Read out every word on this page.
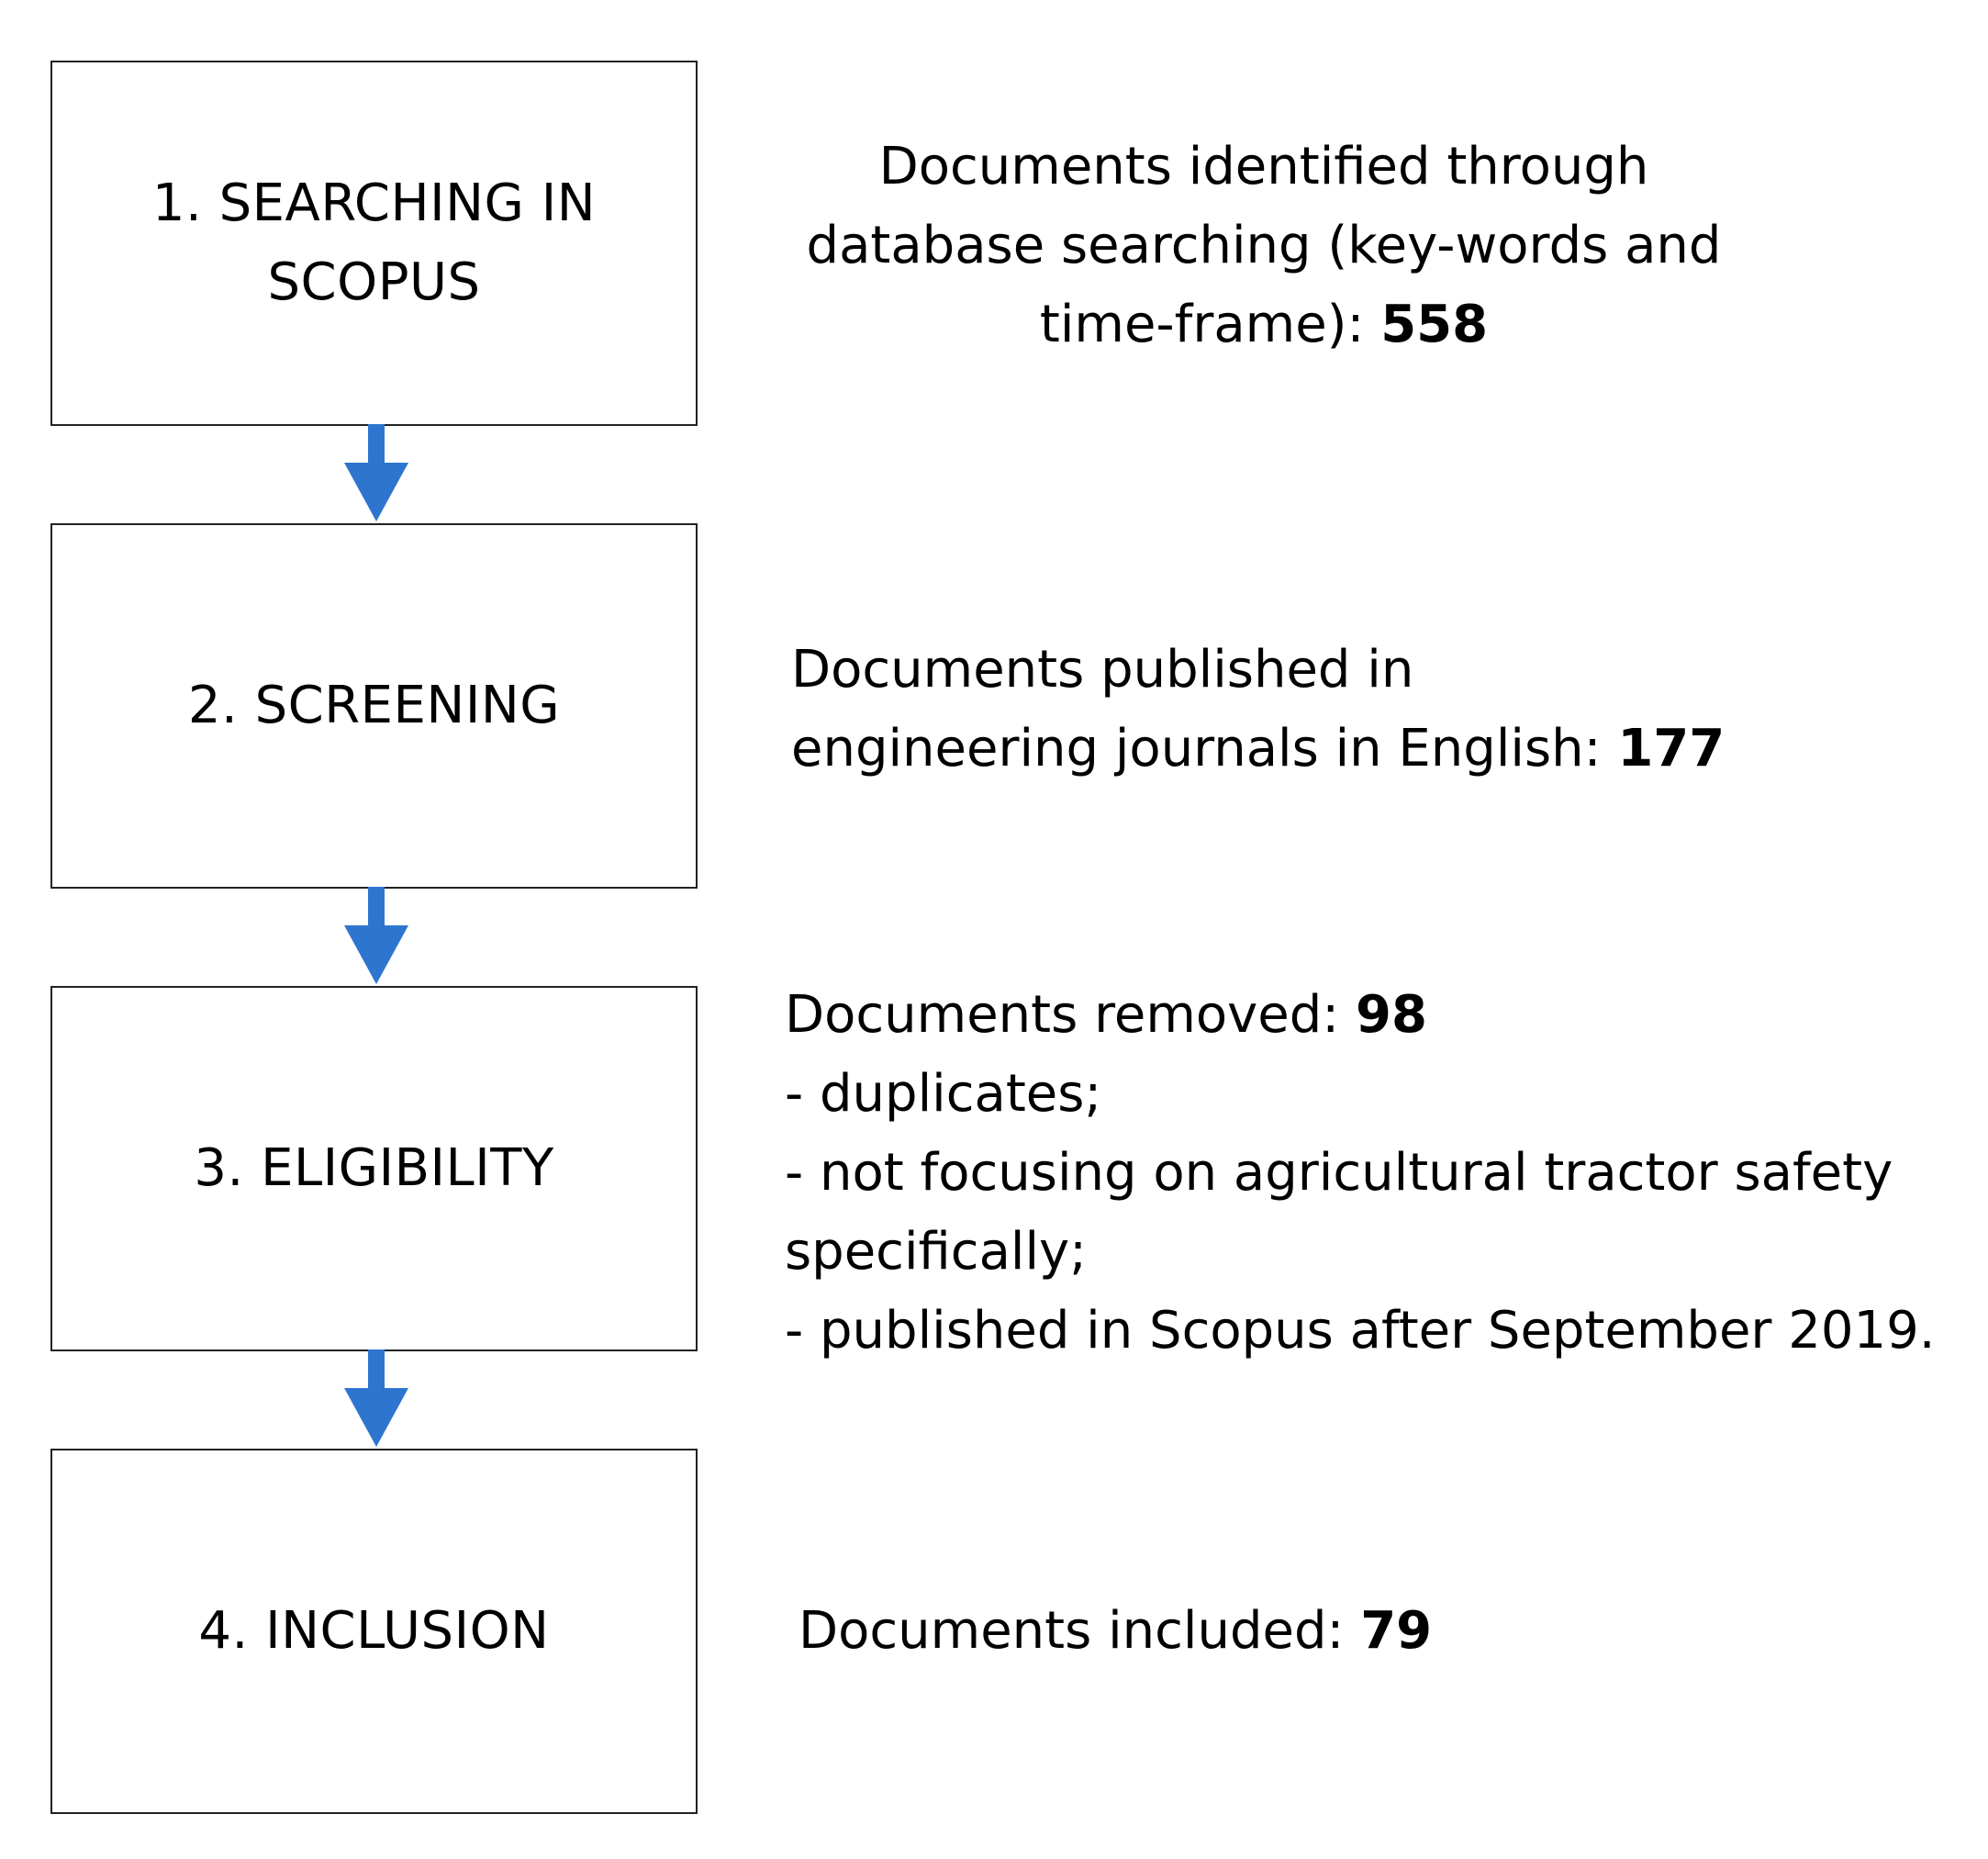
1. SEARCHING IN SCOPUS
2. SCREENING
3. ELIGIBILITY
4. INCLUSION
Documents identified through
database searching (key-words and
time-frame): 558
Documents published in
engineering journals in English: 177
Documents removed: 98
- duplicates;
- not focusing on agricultural tractor safety
specifically;
- published in Scopus after September 2019.
Documents included: 79
